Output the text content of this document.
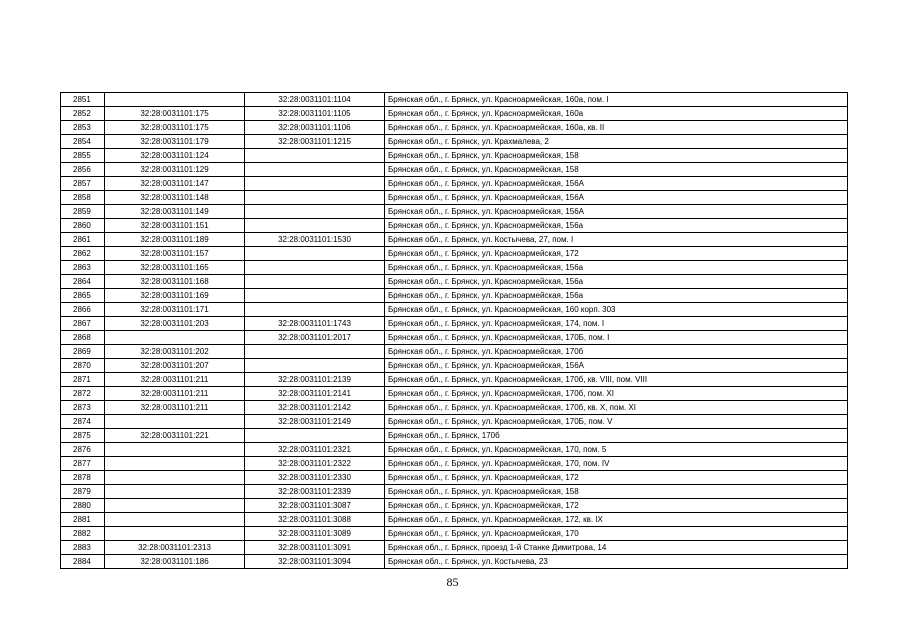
2851		32:28:0031101:1104	Брянская обл., г. Брянск, ул. Красноармейская, 160а, пом. I
2852	32:28:0031101:175	32:28:0031101:1105	Брянская обл., г. Брянск, ул. Красноармейская, 160а
2853	32:28:0031101:175	32:28:0031101:1106	Брянская обл., г. Брянск, ул. Красноармейская, 160а, кв. II
2854	32:28:0031101:179	32:28:0031101:1215	Брянская обл., г. Брянск, ул. Крахмалева, 2
2855	32:28:0031101:124		Брянская обл., г. Брянск, ул. Красноармейская, 158
2856	32:28:0031101:129		Брянская обл., г. Брянск, ул. Красноармейская, 158
2857	32:28:0031101:147		Брянская обл., г. Брянск, ул. Красноармейская, 156А
2858	32:28:0031101:148		Брянская обл., г. Брянск, ул. Красноармейская, 156А
2859	32:28:0031101:149		Брянская обл., г. Брянск, ул. Красноармейская, 156А
2860	32:28:0031101:151		Брянская обл., г. Брянск, ул. Красноармейская, 156а
2861	32:28:0031101:189	32:28:0031101:1530	Брянская обл., г. Брянск, ул. Костычева, 27, пом. I
2862	32:28:0031101:157		Брянская обл., г. Брянск, ул. Красноармейская, 172
2863	32:28:0031101:165		Брянская обл., г. Брянск, ул. Красноармейская, 156а
2864	32:28:0031101:168		Брянская обл., г. Брянск, ул. Красноармейская, 156а
2865	32:28:0031101:169		Брянская обл., г. Брянск, ул. Красноармейская, 156а
2866	32:28:0031101:171		Брянская обл., г. Брянск, ул. Красноармейская, 160 корп. 303
2867	32:28:0031101:203	32:28:0031101:1743	Брянская обл., г. Брянск, ул. Красноармейская, 174, пом. I
2868		32:28:0031101:2017	Брянская обл., г. Брянск, ул. Красноармейская, 170Б, пом. I
2869	32:28:0031101:202		Брянская обл., г. Брянск, ул. Красноармейская, 170б
2870	32:28:0031101:207		Брянская обл., г. Брянск, ул. Красноармейская, 156А
2871	32:28:0031101:211	32:28:0031101:2139	Брянская обл., г. Брянск, ул. Красноармейская, 170б, кв. VIII, пом. VIII
2872	32:28:0031101:211	32:28:0031101:2141	Брянская обл., г. Брянск, ул. Красноармейская, 170б, пом. XI
2873	32:28:0031101:211	32:28:0031101:2142	Брянская обл., г. Брянск, ул. Красноармейская, 170б, кв. X, пом. XI
2874		32:28:0031101:2149	Брянская обл., г. Брянск, ул. Красноармейская, 170Б, пом. V
2875	32:28:0031101:221		Брянская обл., г. Брянск, 170б
2876		32:28:0031101:2321	Брянская обл., г. Брянск, ул. Красноармейская, 170, пом. 5
2877		32:28:0031101:2322	Брянская обл., г. Брянск, ул. Красноармейская, 170, пом. IV
2878		32:28:0031101:2330	Брянская обл., г. Брянск, ул. Красноармейская, 172
2879		32:28:0031101:2339	Брянская обл., г. Брянск, ул. Красноармейская, 158
2880		32:28:0031101:3087	Брянская обл., г. Брянск, ул. Красноармейская, 172
2881		32:28:0031101:3088	Брянская обл., г. Брянск, ул. Красноармейская, 172, кв. IX
2882		32:28:0031101:3089	Брянская обл., г. Брянск, ул. Красноармейская, 170
2883	32:28:0031101:2313	32:28:0031101:3091	Брянская обл., г. Брянск, проезд 1-й Станке Димитрова, 14
2884	32:28:0031101:186	32:28:0031101:3094	Брянская обл., г. Брянск, ул. Костычева, 23
85
